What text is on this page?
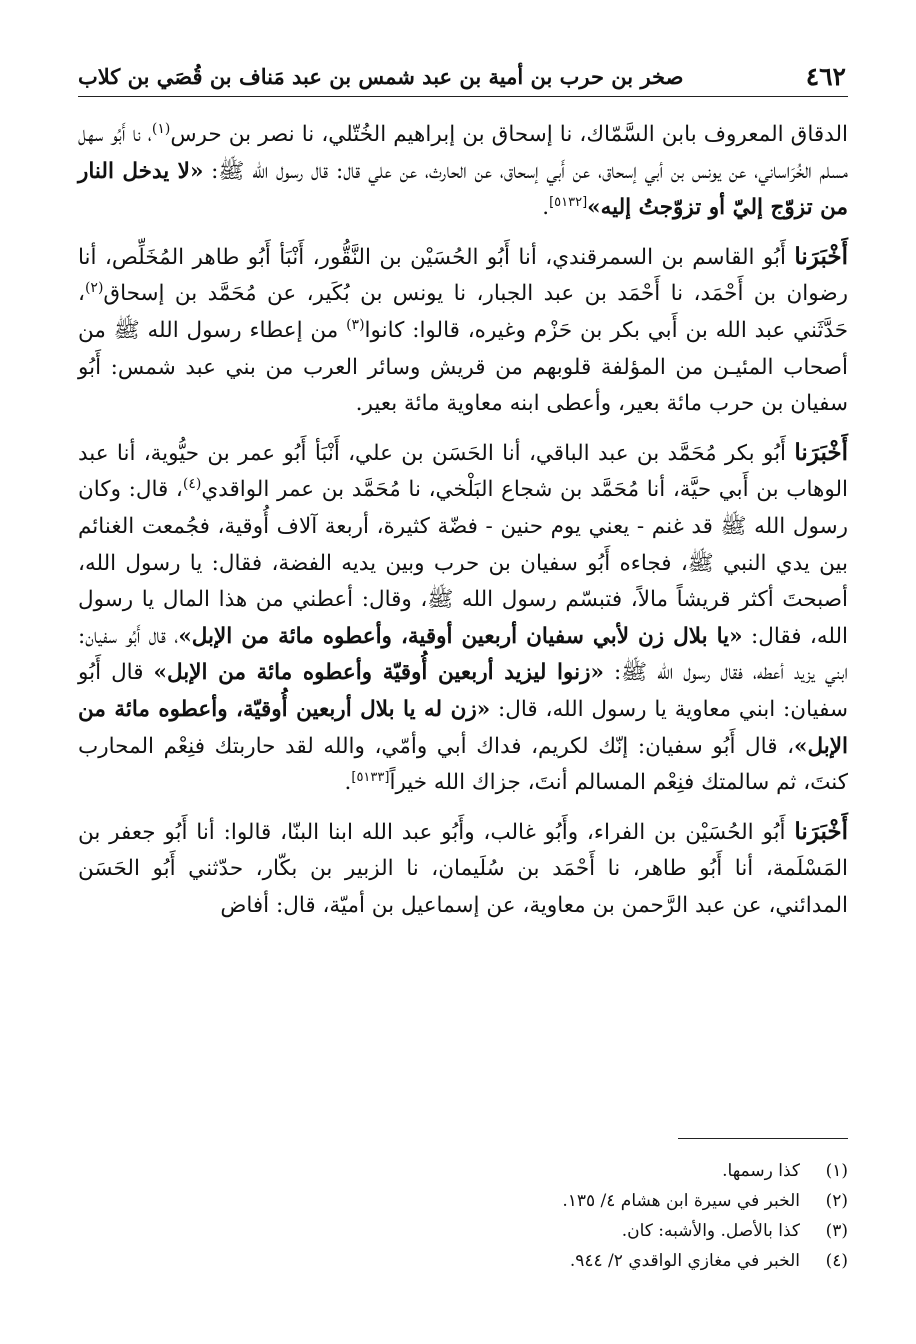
٤٦٢
صخر بن حرب بن أمية بن عبد شمس بن عبد مَناف بن قُصَي بن كلاب

الدقاق المعروف بابن السَّمّاك، نا إسحاق بن إبراهيم الخُتّلي، نا نصر بن حرس$^{(١)}$، نا أَبُو سهل مسلم الخُرَاساني، عن يونس بن أبي إسحاق، عن أَبي إسحاق، عن الحارث، عن علي قال: قال رسول الله ﷺ: «لا يدخل النار من تزوّج إليّ أو تزوّجتُ إليه»[٥١٣٢].

أَخْبَرَنا أَبُو القاسم بن السمرقندي، أنا أَبُو الحُسَيْن بن النَّقُّور، أَنْبَأ أَبُو طاهر المُخَلِّص، أنا رضوان بن أَحْمَد، نا أَحْمَد بن عبد الجبار، نا يونس بن بُكَير، عن مُحَمَّد بن إسحاق$^{(٢)}$، حَدَّثَني عبد الله بن أَبي بكر بن حَزْم وغيره، قالوا: كانوا$^{(٣)}$ من إعطاء رسول الله ﷺ من أصحاب المئيـن من المؤلفة قلوبهم من قريش وسائر العرب من بني عبد شمس: أَبُو سفيان بن حرب مائة بعير، وأعطى ابنه معاوية مائة بعير.

أَخْبَرَنا أَبُو بكر مُحَمَّد بن عبد الباقي، أنا الحَسَن بن علي، أَنْبَأ أَبُو عمر بن حيُّوية، أنا عبد الوهاب بن أَبي حيَّة، أنا مُحَمَّد بن شجاع البَلْخي، نا مُحَمَّد بن عمر الواقدي$^{(٤)}$، قال: وكان رسول الله ﷺ قد غنم - يعني يوم حنين - فضّة كثيرة، أربعة آلاف أُوقية، فجُمعت الغنائم بين يدي النبي ﷺ، فجاءه أَبُو سفيان بن حرب وبين يديه الفضة، فقال: يا رسول الله، أصبحتَ أكثر قريشاً مالاً، فتبسّم رسول الله ﷺ، وقال: أعطني من هذا المال يا رسول الله، فقال: «يا بلال زن لأبي سفيان أربعين أوقية، وأعطوه مائة من الإبل»، قال أَبُو سفيان: ابني يزيد أعطه، فقال رسول الله ﷺ: «زنوا ليزيد أربعين أُوقيّة وأعطوه مائة من الإبل» قال أَبُو سفيان: ابني معاوية يا رسول الله، قال: «زن له يا بلال أربعين أُوقيّة، وأعطوه مائة من الإبل»، قال أَبُو سفيان: إنّك لكريم، فداك أبي وأمّي، والله لقد حاربتك فنِعْم المحارب كنتَ، ثم سالمتك فنِعْم المسالم أنتَ، جزاك الله خيراً[٥١٣٣].

أَخْبَرَنا أَبُو الحُسَيْن بن الفراء، وأَبُو غالب، وأَبُو عبد الله ابنا البنّا، قالوا: أنا أَبُو جعفر بن المَسْلَمة، أنا أَبُو طاهر، نا أَحْمَد بن سُلَيمان، نا الزبير بن بكّار، حدّثني أَبُو الحَسَن المدائني، عن عبد الرَّحمن بن معاوية، عن إسماعيل بن أميّة، قال: أفاض

(١)
كذا رسمها.
(٢)
الخبر في سيرة ابن هشام ٤/ ١٣٥.
(٣)
كذا بالأصل. والأشبه: كان.
(٤)
الخبر في مغازي الواقدي ٢/ ٩٤٤.
